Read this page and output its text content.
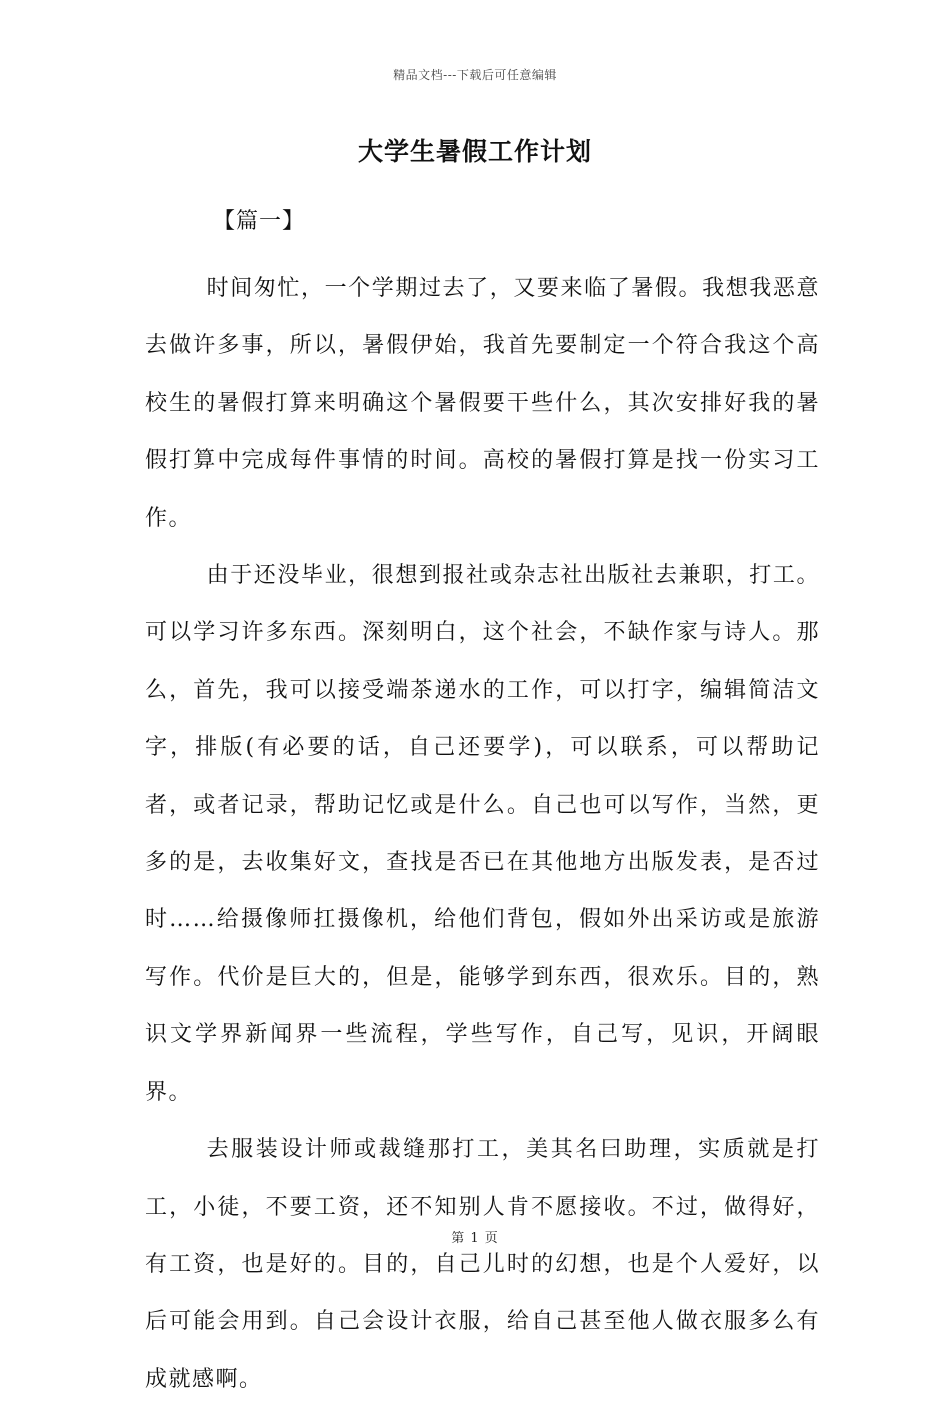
精品文档---下载后可任意编辑
大学生暑假工作计划
【篇一】

时间匆忙，一个学期过去了，又要来临了暑假。我想我恶意去做许多事，所以，暑假伊始，我首先要制定一个符合我这个高校生的暑假打算来明确这个暑假要干些什么，其次安排好我的暑假打算中完成每件事情的时间。高校的暑假打算是找一份实习工作。

由于还没毕业，很想到报社或杂志社出版社去兼职，打工。可以学习许多东西。深刻明白，这个社会，不缺作家与诗人。那么，首先，我可以接受端茶递水的工作，可以打字，编辑简洁文字，排版(有必要的话，自己还要学)，可以联系，可以帮助记者，或者记录，帮助记忆或是什么。自己也可以写作，当然，更多的是，去收集好文，查找是否已在其他地方出版发表，是否过时……给摄像师扛摄像机，给他们背包，假如外出采访或是旅游写作。代价是巨大的，但是，能够学到东西，很欢乐。目的，熟识文学界新闻界一些流程，学些写作，自己写，见识，开阔眼界。

去服装设计师或裁缝那打工，美其名曰助理，实质就是打工，小徒，不要工资，还不知别人肯不愿接收。不过，做得好，有工资，也是好的。目的，自己儿时的幻想，也是个人爱好，以后可能会用到。自己会设计衣服，给自己甚至他人做衣服多么有成就感啊。

第 1 页
